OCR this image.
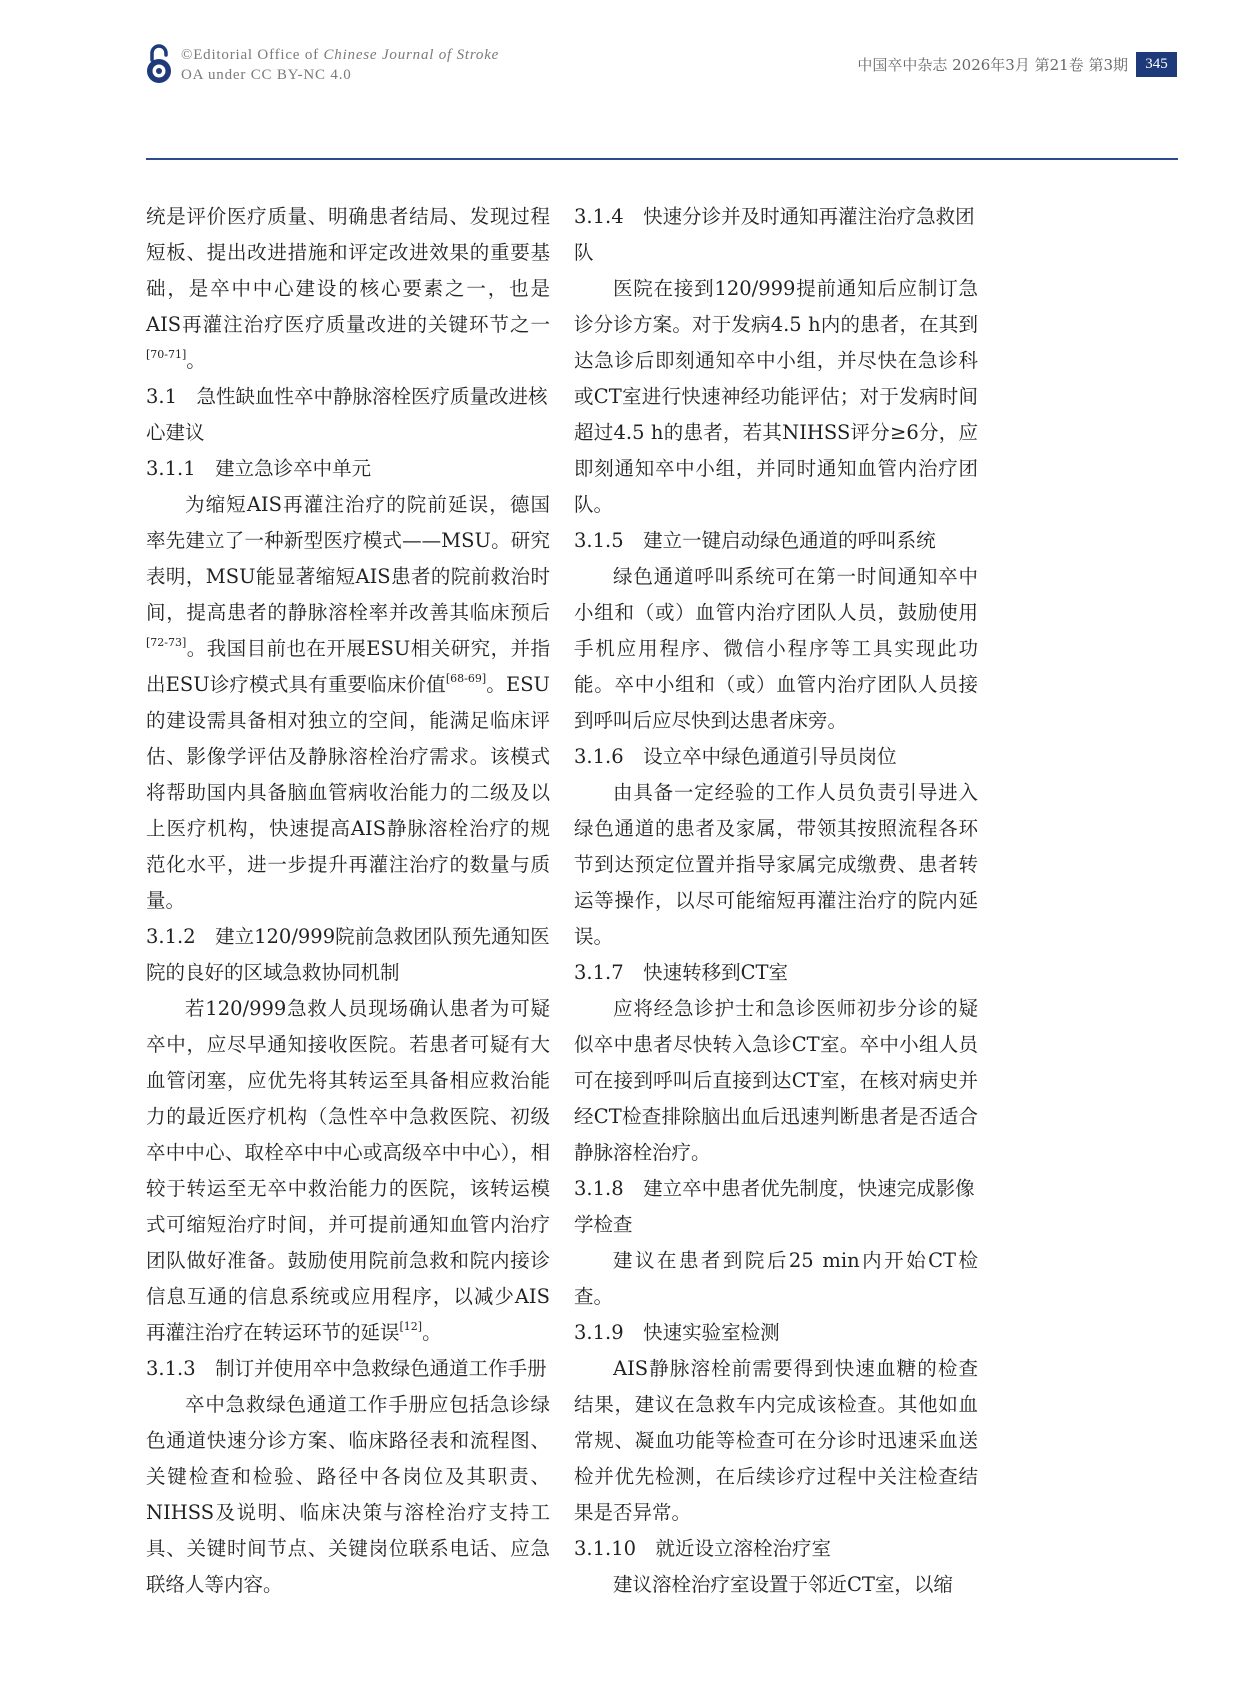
©Editorial Office of Chinese Journal of Stroke
OA under CC BY-NC 4.0
中国卒中杂志 2026年3月 第21卷 第3期	345

统是评价医疗质量、明确患者结局、发现过程短板、提出改进措施和评定改进效果的重要基础，是卒中中心建设的核心要素之一，也是AIS再灌注治疗医疗质量改进的关键环节之一[70-71]。

3.1　急性缺血性卒中静脉溶栓医疗质量改进核心建议

3.1.1　建立急诊卒中单元

为缩短AIS再灌注治疗的院前延误，德国率先建立了一种新型医疗模式——MSU。研究表明，MSU能显著缩短AIS患者的院前救治时间，提高患者的静脉溶栓率并改善其临床预后[72-73]。我国目前也在开展ESU相关研究，并指出ESU诊疗模式具有重要临床价值[68-69]。ESU的建设需具备相对独立的空间，能满足临床评估、影像学评估及静脉溶栓治疗需求。该模式将帮助国内具备脑血管病收治能力的二级及以上医疗机构，快速提高AIS静脉溶栓治疗的规范化水平，进一步提升再灌注治疗的数量与质量。

3.1.2　建立120/999院前急救团队预先通知医院的良好的区域急救协同机制

若120/999急救人员现场确认患者为可疑卒中，应尽早通知接收医院。若患者可疑有大血管闭塞，应优先将其转运至具备相应救治能力的最近医疗机构（急性卒中急救医院、初级卒中中心、取栓卒中中心或高级卒中中心），相较于转运至无卒中救治能力的医院，该转运模式可缩短治疗时间，并可提前通知血管内治疗团队做好准备。鼓励使用院前急救和院内接诊信息互通的信息系统或应用程序，以减少AIS再灌注治疗在转运环节的延误[12]。

3.1.3　制订并使用卒中急救绿色通道工作手册

卒中急救绿色通道工作手册应包括急诊绿色通道快速分诊方案、临床路径表和流程图、关键检查和检验、路径中各岗位及其职责、NIHSS及说明、临床决策与溶栓治疗支持工具、关键时间节点、关键岗位联系电话、应急联络人等内容。

3.1.4　快速分诊并及时通知再灌注治疗急救团队

医院在接到120/999提前通知后应制订急诊分诊方案。对于发病4.5 h内的患者，在其到达急诊后即刻通知卒中小组，并尽快在急诊科或CT室进行快速神经功能评估；对于发病时间超过4.5 h的患者，若其NIHSS评分≥6分，应即刻通知卒中小组，并同时通知血管内治疗团队。

3.1.5　建立一键启动绿色通道的呼叫系统

绿色通道呼叫系统可在第一时间通知卒中小组和（或）血管内治疗团队人员，鼓励使用手机应用程序、微信小程序等工具实现此功能。卒中小组和（或）血管内治疗团队人员接到呼叫后应尽快到达患者床旁。

3.1.6　设立卒中绿色通道引导员岗位

由具备一定经验的工作人员负责引导进入绿色通道的患者及家属，带领其按照流程各环节到达预定位置并指导家属完成缴费、患者转运等操作，以尽可能缩短再灌注治疗的院内延误。

3.1.7　快速转移到CT室

应将经急诊护士和急诊医师初步分诊的疑似卒中患者尽快转入急诊CT室。卒中小组人员可在接到呼叫后直接到达CT室，在核对病史并经CT检查排除脑出血后迅速判断患者是否适合静脉溶栓治疗。

3.1.8　建立卒中患者优先制度，快速完成影像学检查

建议在患者到院后25 min内开始CT检查。

3.1.9　快速实验室检测

AIS静脉溶栓前需要得到快速血糖的检查结果，建议在急救车内完成该检查。其他如血常规、凝血功能等检查可在分诊时迅速采血送检并优先检测，在后续诊疗过程中关注检查结果是否异常。

3.1.10　就近设立溶栓治疗室

建议溶栓治疗室设置于邻近CT室，以缩
